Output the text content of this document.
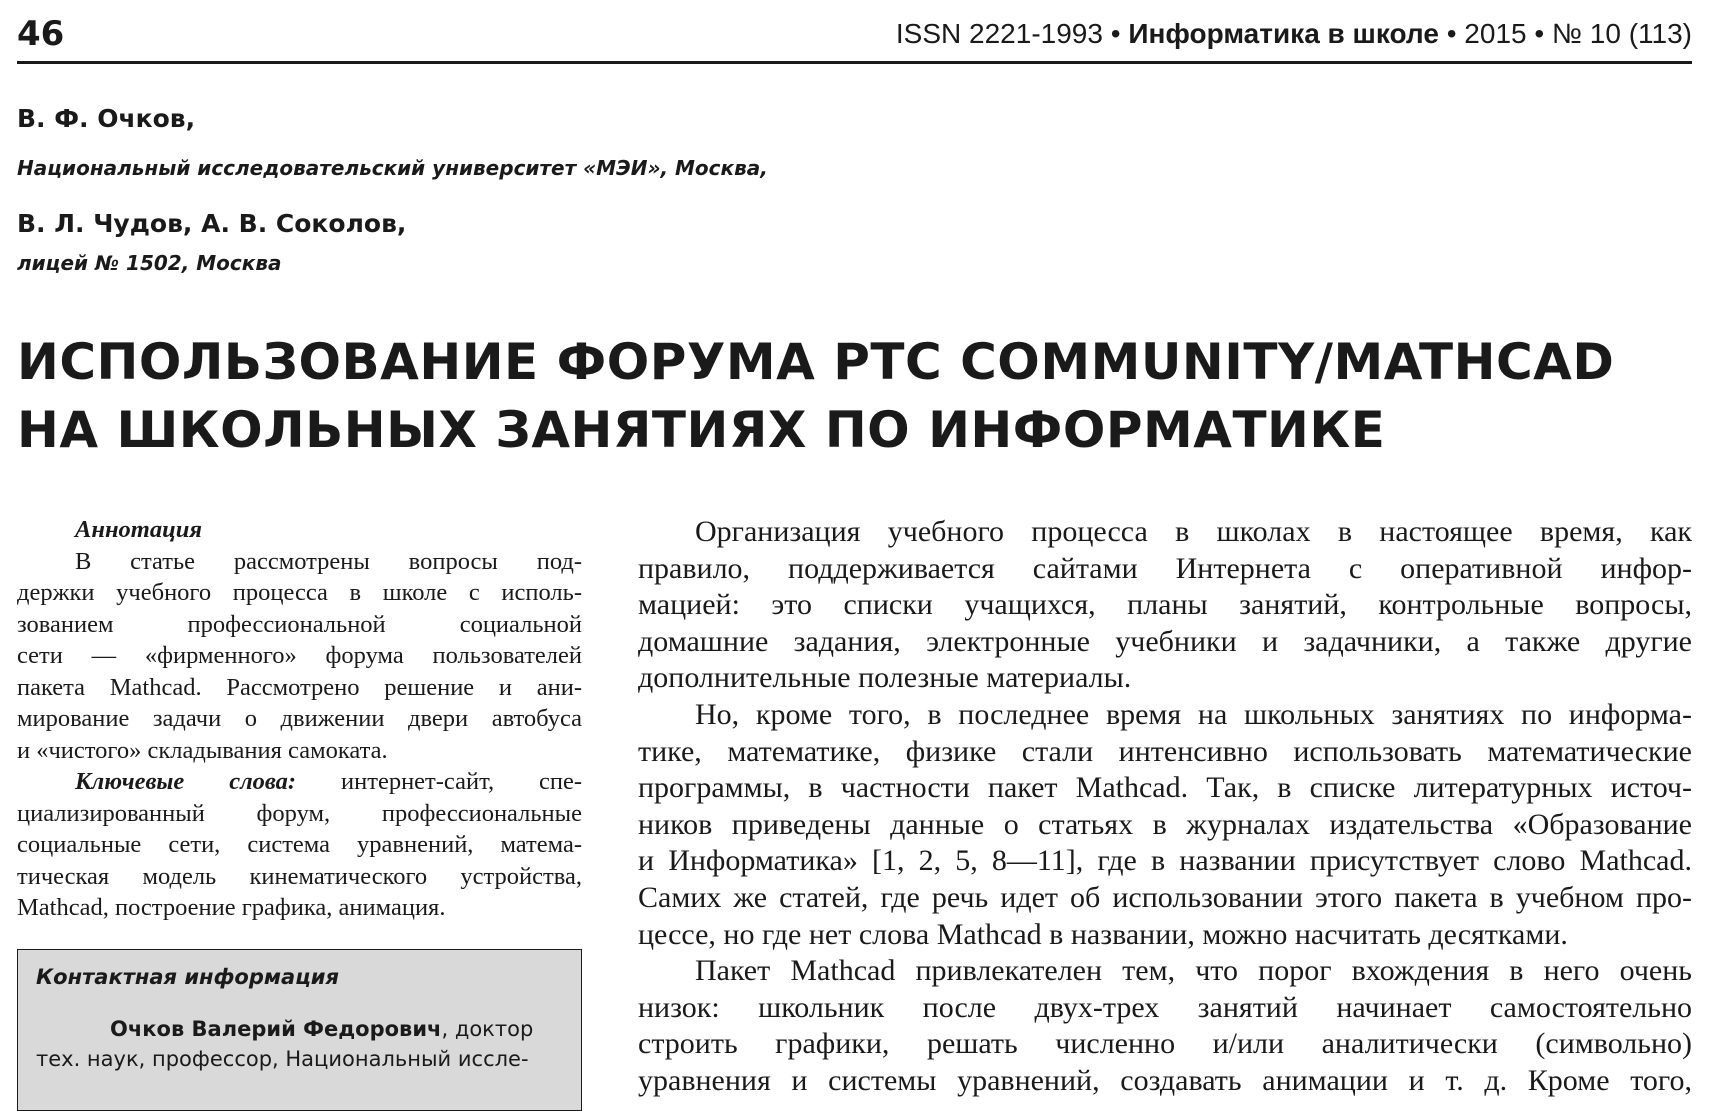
46	ISSN 2221-1993 • Информатика в школе • 2015 • № 10 (113)
В. Ф. Очков,
Национальный исследовательский университет «МЭИ», Москва,
В. Л. Чудов, А. В. Соколов,
лицей № 1502, Москва
ИСПОЛЬЗОВАНИЕ ФОРУМА PTC COMMUNITY/MATHCAD
НА ШКОЛЬНЫХ ЗАНЯТИЯХ ПО ИНФОРМАТИКЕ
Аннотация
В статье рассмотрены вопросы под-
держки учебного процесса в школе с исполь-
зованием профессиональной социальной
сети — «фирменного» форума пользователей
пакета Mathcad. Рассмотрено решение и ани-
мирование задачи о движении двери автобуса
и «чистого» складывания самоката.
Ключевые слова: интернет-сайт, спе-
циализированный форум, профессиональные
социальные сети, система уравнений, матема-
тическая модель кинематического устройства,
Mathcad, построение графика, анимация.
Контактная информация
Очков Валерий Федорович, доктор
тех. наук, профессор, Национальный иссле-
Организация учебного процесса в школах в настоящее время, как
правило, поддерживается сайтами Интернета с оперативной инфор-
мацией: это списки учащихся, планы занятий, контрольные вопросы,
домашние задания, электронные учебники и задачники, а также другие
дополнительные полезные материалы.
Но, кроме того, в последнее время на школьных занятиях по информа-
тике, математике, физике стали интенсивно использовать математические
программы, в частности пакет Mathcad. Так, в списке литературных источ-
ников приведены данные о статьях в журналах издательства «Образование
и Информатика» [1, 2, 5, 8—11], где в названии присутствует слово Mathcad.
Самих же статей, где речь идет об использовании этого пакета в учебном про-
цессе, но где нет слова Mathcad в названии, можно насчитать десятками.
Пакет Mathcad привлекателен тем, что порог вхождения в него очень
низок: школьник после двух-трех занятий начинает самостоятельно
строить графики, решать численно и/или аналитически (символьно)
уравнения и системы уравнений, создавать анимации и т. д. Кроме того,
